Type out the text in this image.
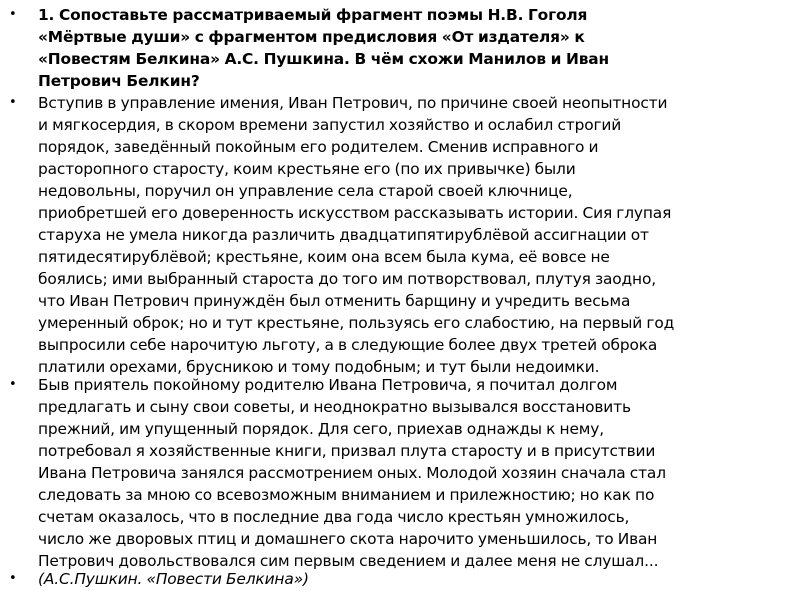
• 1. Сопоставьте рассматриваемый фрагмент поэмы Н.В. Гоголя
«Мёртвые души» с фрагментом предисловия «От издателя» к
«Повестям Белкина» А.С. Пушкина. В чём схожи Манилов и Иван
Петрович Белкин?
• Вступив в управление имения, Иван Петрович, по причине своей неопытности
и мягкосердия, в скором времени запустил хозяйство и ослабил строгий
порядок, заведённый покойным его родителем. Сменив исправного и
расторопного старосту, коим крестьяне его (по их привычке) были
недовольны, поручил он управление села старой своей ключнице,
приобретшей его доверенность искусством рассказывать истории. Сия глупая
старуха не умела никогда различить двадцатипятирублёвой ассигнации от
пятидесятирублёвой; крестьяне, коим она всем была кума, её вовсе не
боялись; ими выбранный староста до того им потворствовал, плутуя заодно,
что Иван Петрович принуждён был отменить барщину и учредить весьма
умеренный оброк; но и тут крестьяне, пользуясь его слабостию, на первый год
выпросили себе нарочитую льготу, а в следующие более двух третей оброка
платили орехами, брусникою и тому подобным; и тут были недоимки.
• Быв приятель покойному родителю Ивана Петровича, я почитал долгом
предлагать и сыну свои советы, и неоднократно вызывался восстановить
прежний, им упущенный порядок. Для сего, приехав однажды к нему,
потребовал я хозяйственные книги, призвал плута старосту и в присутствии
Ивана Петровича занялся рассмотрением оных. Молодой хозяин сначала стал
следовать за мною со всевозможным вниманием и прилежностию; но как по
счетам оказалось, что в последние два года число крестьян умножилось,
число же дворовых птиц и домашнего скота нарочито уменьшилось, то Иван
Петрович довольствовался сим первым сведением и далее меня не слушал...
• (А.С.Пушкин. «Повести Белкина»)
